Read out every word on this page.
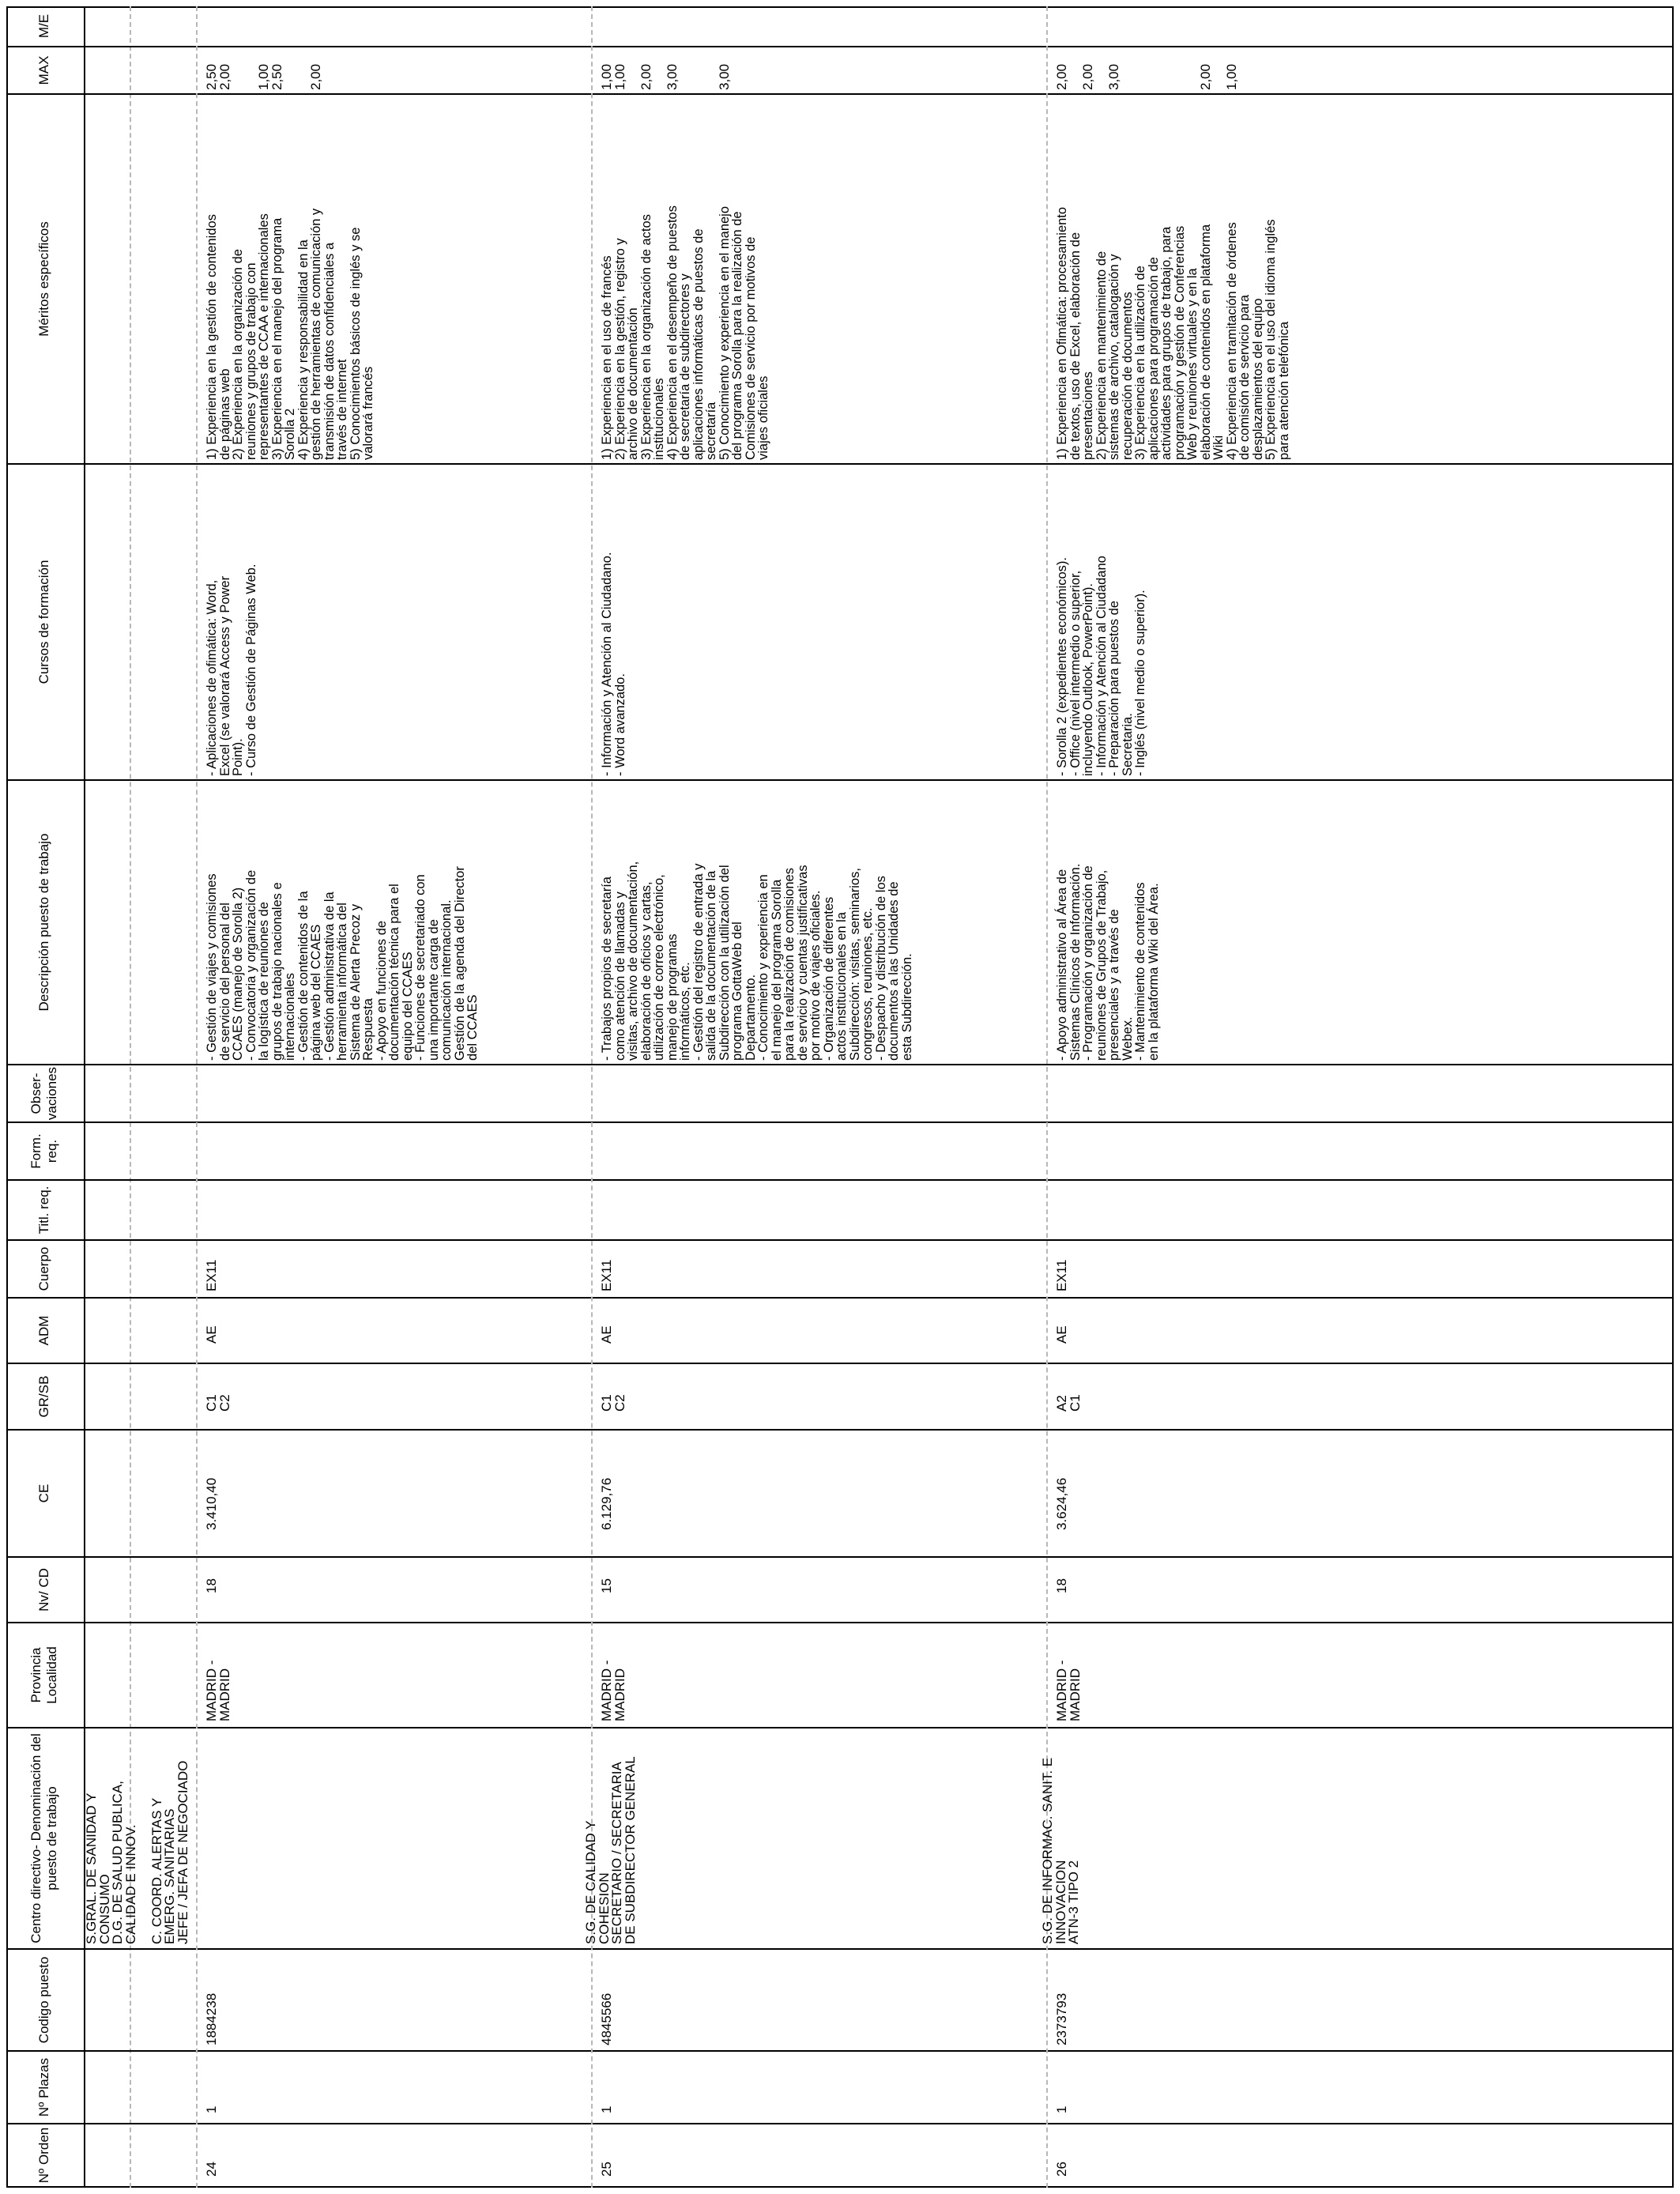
Nº Orden
Nº Plazas
Codigo puesto
Centro directivo- Denominación del puesto de trabajo
Provincia Localidad
Nv/ CD
CE
GR/SB
ADM
Cuerpo
Titl. req.
Form. req.
Obser- vaciones
Descripción puesto de trabajo
Cursos de formación
Méritos específicos
MAX
M/E
24
1
1884238
S.GRAL. DE SANIDAD Y
CONSUMO
D.G. DE SALUD PUBLICA,
CALIDAD E INNOV.

C. COORD. ALERTAS Y
EMERG. SANITARIAS
JEFE / JEFA DE NEGOCIADO
MADRID -
MADRID
18
3.410,40
C1
C2
AE
EX11
- Gestión de viajes y comisiones
de servicio del personal del
CCAES (manejo de Sorolla 2)
- Convocatoria y organización de
la logística de reuniones de
grupos de trabajo nacionales e
internacionales
- Gestión de contenidos de la
página web del CCAES
- Gestión administrativa de la
herramienta informática del
Sistema de Alerta Precoz y
Respuesta
- Apoyo en funciones de
documentación técnica para el
equipo del CCAES
- Funciones de secretariado con
una importante carga de
comunicación internacional.
Gestión de la agenda del Director
del CCAES
- Aplicaciones de ofimática: Word,
Excel (se valorará Access y Power
Point).
- Curso de Gestión de Páginas Web.
1) Experiencia en la gestión de contenidos
de páginas web
2) Experiencia en la organización de
reuniones y grupos de trabajo con
representantes de CCAA e internacionales
3) Experiencia en el manejo del programa
Sorolla 2
4) Experiencia y responsabilidad en la
gestión de herramientas de comunicación y
transmisión de datos confidenciales a
través de internet
5) Conocimientos básicos de inglés y se
valorará francés
2,50
2,00

1,00
2,50

2,00
25
1
4845566
S.G. DE CALIDAD Y
COHESION
SECRETARIO / SECRETARIA
DE SUBDIRECTOR GENERAL
MADRID -
MADRID
15
6.129,76
C1
C2
AE
EX11
- Trabajos propios de secretaría
como atención de llamadas y
visitas, archivo de documentación,
elaboración de oficios y cartas,
utilización de correo electrónico,
manejo de programas
informáticos, etc.
- Gestión del registro de entrada y
salida de la documentación de la
Subdirección con la utilización del
programa GottaWeb del
Departamento.
- Conocimiento y experiencia en
el manejo del programa Sorolla
para la realización de comisiones
de servicio y cuentas justificativas
por motivo de viajes oficiales.
- Organización de diferentes
actos institucionales en la
Subdirección: visitas, seminarios,
congresos, reuniones, etc.
- Despacho y distribución de los
documentos a las Unidades de
esta Subdirección.
- Información y Atención al Ciudadano.
- Word avanzado.
1) Experiencia en el uso de francés
2) Experiencia en la gestión, registro y
archivo de documentación
3) Experiencia en la organización de actos
institucionales
4) Experiencia en el desempeño de puestos
de secretaría de subdirectores y
aplicaciones informáticas de puestos de
secretaría
5) Conocimiento y experiencia en el manejo
del programa Sorolla para la realización de
Comisiones de servicio por motivos de
viajes oficiales
1,00
1,00

2,00

3,00

3,00
26
1
2373793
S.G. DE INFORMAC. SANIT. E
INNOVACION
ATN-3 TIPO 2
MADRID -
MADRID
18
3.624,46
A2
C1
AE
EX11
- Apoyo administrativo al Área de
Sistemas Clínicos de Información.
- Programación y organización de
reuniones de Grupos de Trabajo,
presenciales y a través de
Webex.
- Mantenimiento de contenidos
en la plataforma Wiki del Área.
- Sorolla 2 (expedientes económicos).
- Office (nivel intermedio o superior,
incluyendo Outlook, PowerPoint).
- Información y Atención al Ciudadano
- Preparación para puestos de
Secretaria.
- Inglés (nivel medio o superior).
1) Experiencia en Ofimática: procesamiento
de textos, uso de Excel, elaboración de
presentaciones
2) Experiencia en mantenimiento de
sistemas de archivo, catalogación y
recuperación de documentos
3) Experiencia en la utilización de
aplicaciones para programación de
actividades para grupos de trabajo, para
programación y gestión de Conferencias
Web y reuniones virtuales y en la
elaboración de contenidos en plataforma
Wiki
4) Experiencia en tramitación de órdenes
de comisión de servicio para
desplazamientos del equipo
5) Experiencia en el uso del idioma inglés
para atención telefónica
2,00

2,00

3,00

2,00

1,00
